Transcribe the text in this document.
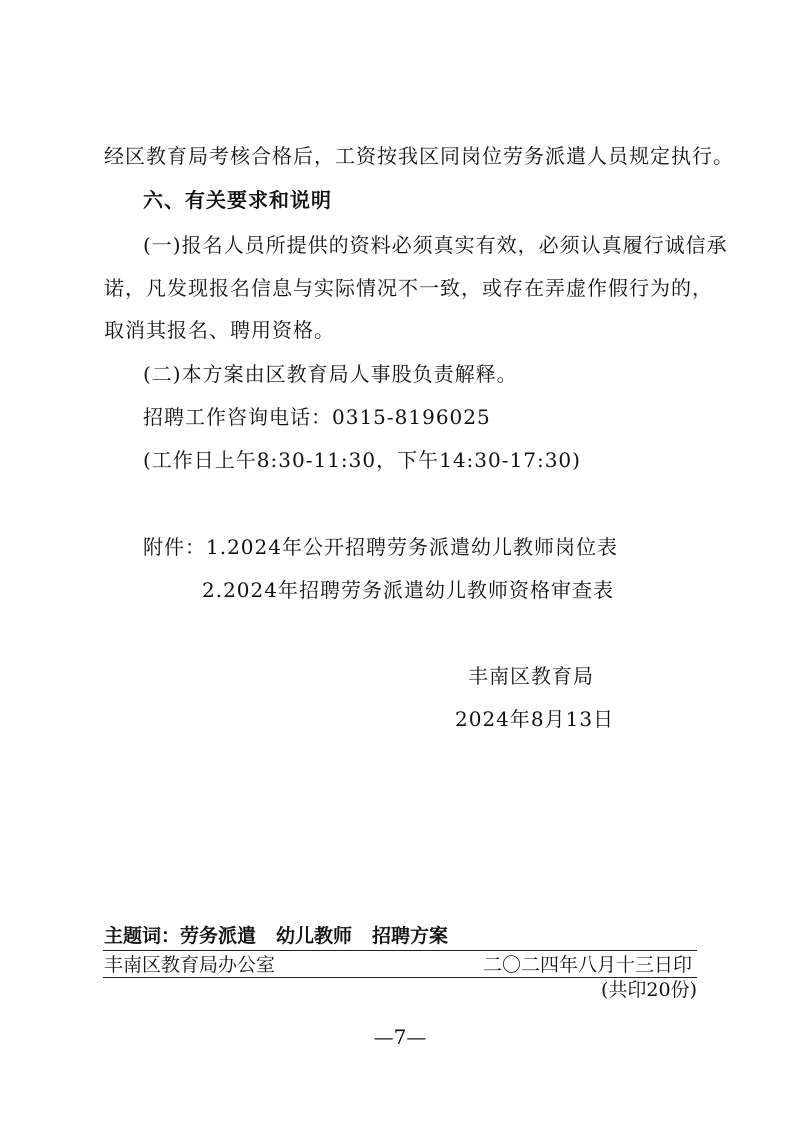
经区教育局考核合格后，工资按我区同岗位劳务派遣人员规定执行。
六、有关要求和说明
(一)报名人员所提供的资料必须真实有效，必须认真履行诚信承
诺，凡发现报名信息与实际情况不一致，或存在弄虚作假行为的，
取消其报名、聘用资格。
(二)本方案由区教育局人事股负责解释。
招聘工作咨询电话：0315-8196025
(工作日上午8:30-11:30，下午14:30-17:30)
附件：1.2024年公开招聘劳务派遣幼儿教师岗位表
2.2024年招聘劳务派遣幼儿教师资格审查表
丰南区教育局
2024年8月13日
主题词：劳务派遣 幼儿教师 招聘方案
丰南区教育局办公室	二〇二四年八月十三日印
(共印20份)
—7—
